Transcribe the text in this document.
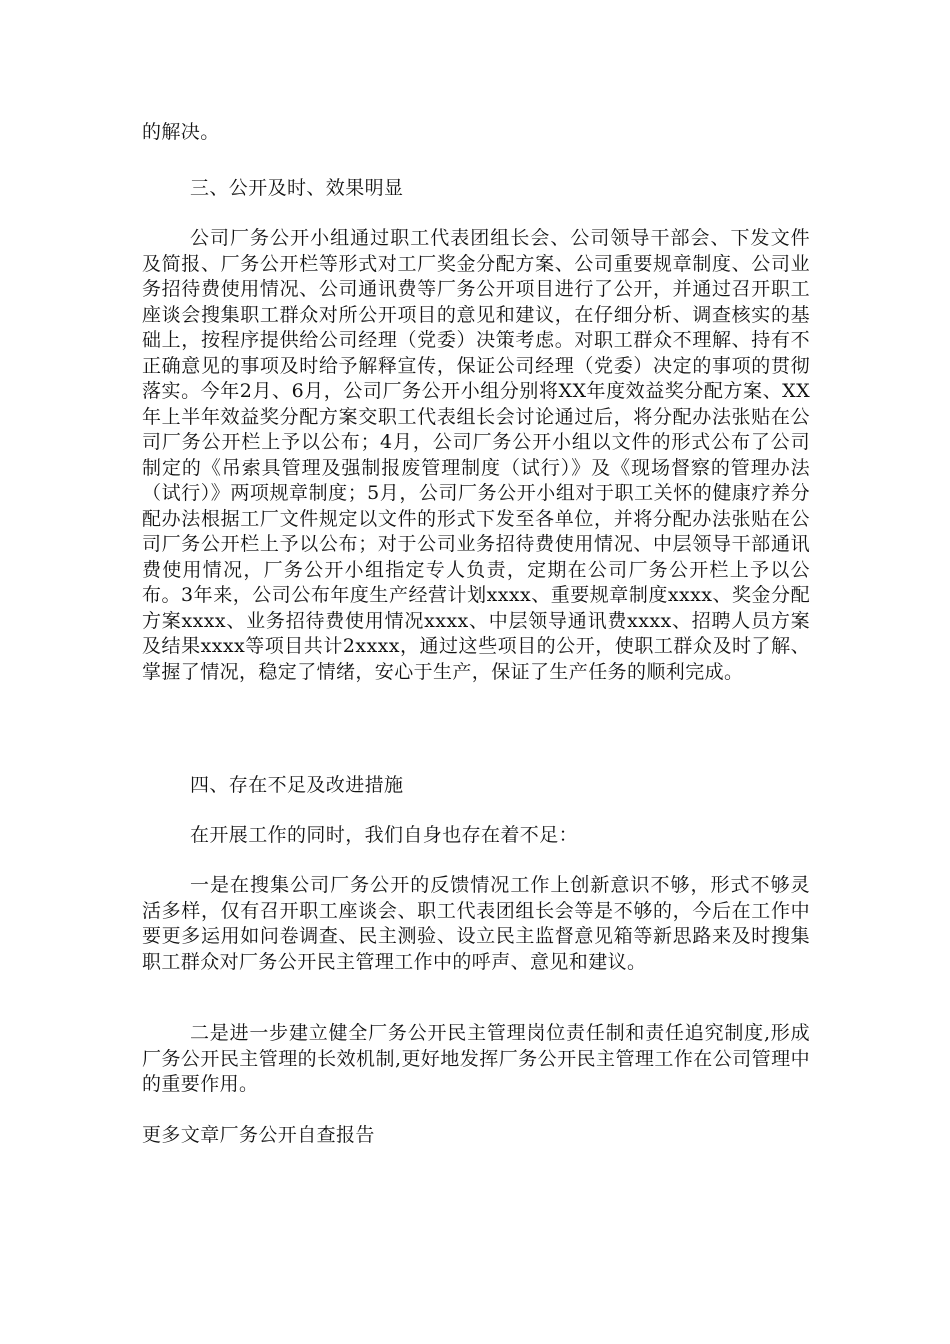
的解决。

三、公开及时、效果明显

公司厂务公开小组通过职工代表团组长会、公司领导干部会、下发文件及简报、厂务公开栏等形式对工厂奖金分配方案、公司重要规章制度、公司业务招待费使用情况、公司通讯费等厂务公开项目进行了公开，并通过召开职工座谈会搜集职工群众对所公开项目的意见和建议，在仔细分析、调查核实的基础上，按程序提供给公司经理（党委）决策考虑。对职工群众不理解、持有不正确意见的事项及时给予解释宣传，保证公司经理（党委）决定的事项的贯彻落实。今年2月、6月，公司厂务公开小组分别将XX年度效益奖分配方案、XX年上半年效益奖分配方案交职工代表组长会讨论通过后，将分配办法张贴在公司厂务公开栏上予以公布；4月，公司厂务公开小组以文件的形式公布了公司制定的《吊索具管理及强制报废管理制度（试行）》及《现场督察的管理办法（试行）》两项规章制度；5月，公司厂务公开小组对于职工关怀的健康疗养分配办法根据工厂文件规定以文件的形式下发至各单位，并将分配办法张贴在公司厂务公开栏上予以公布；对于公司业务招待费使用情况、中层领导干部通讯费使用情况，厂务公开小组指定专人负责，定期在公司厂务公开栏上予以公布。3年来，公司公布年度生产经营计划xxxx、重要规章制度xxxx、奖金分配方案xxxx、业务招待费使用情况xxxx、中层领导通讯费xxxx、招聘人员方案及结果xxxx等项目共计2xxxx，通过这些项目的公开，使职工群众及时了解、掌握了情况，稳定了情绪，安心于生产，保证了生产任务的顺利完成。

四、存在不足及改进措施

在开展工作的同时，我们自身也存在着不足：

一是在搜集公司厂务公开的反馈情况工作上创新意识不够，形式不够灵活多样，仅有召开职工座谈会、职工代表团组长会等是不够的，今后在工作中要更多运用如问卷调查、民主测验、设立民主监督意见箱等新思路来及时搜集职工群众对厂务公开民主管理工作中的呼声、意见和建议。

二是进一步建立健全厂务公开民主管理岗位责任制和责任追究制度,形成厂务公开民主管理的长效机制,更好地发挥厂务公开民主管理工作在公司管理中的重要作用。

更多文章厂务公开自查报告
